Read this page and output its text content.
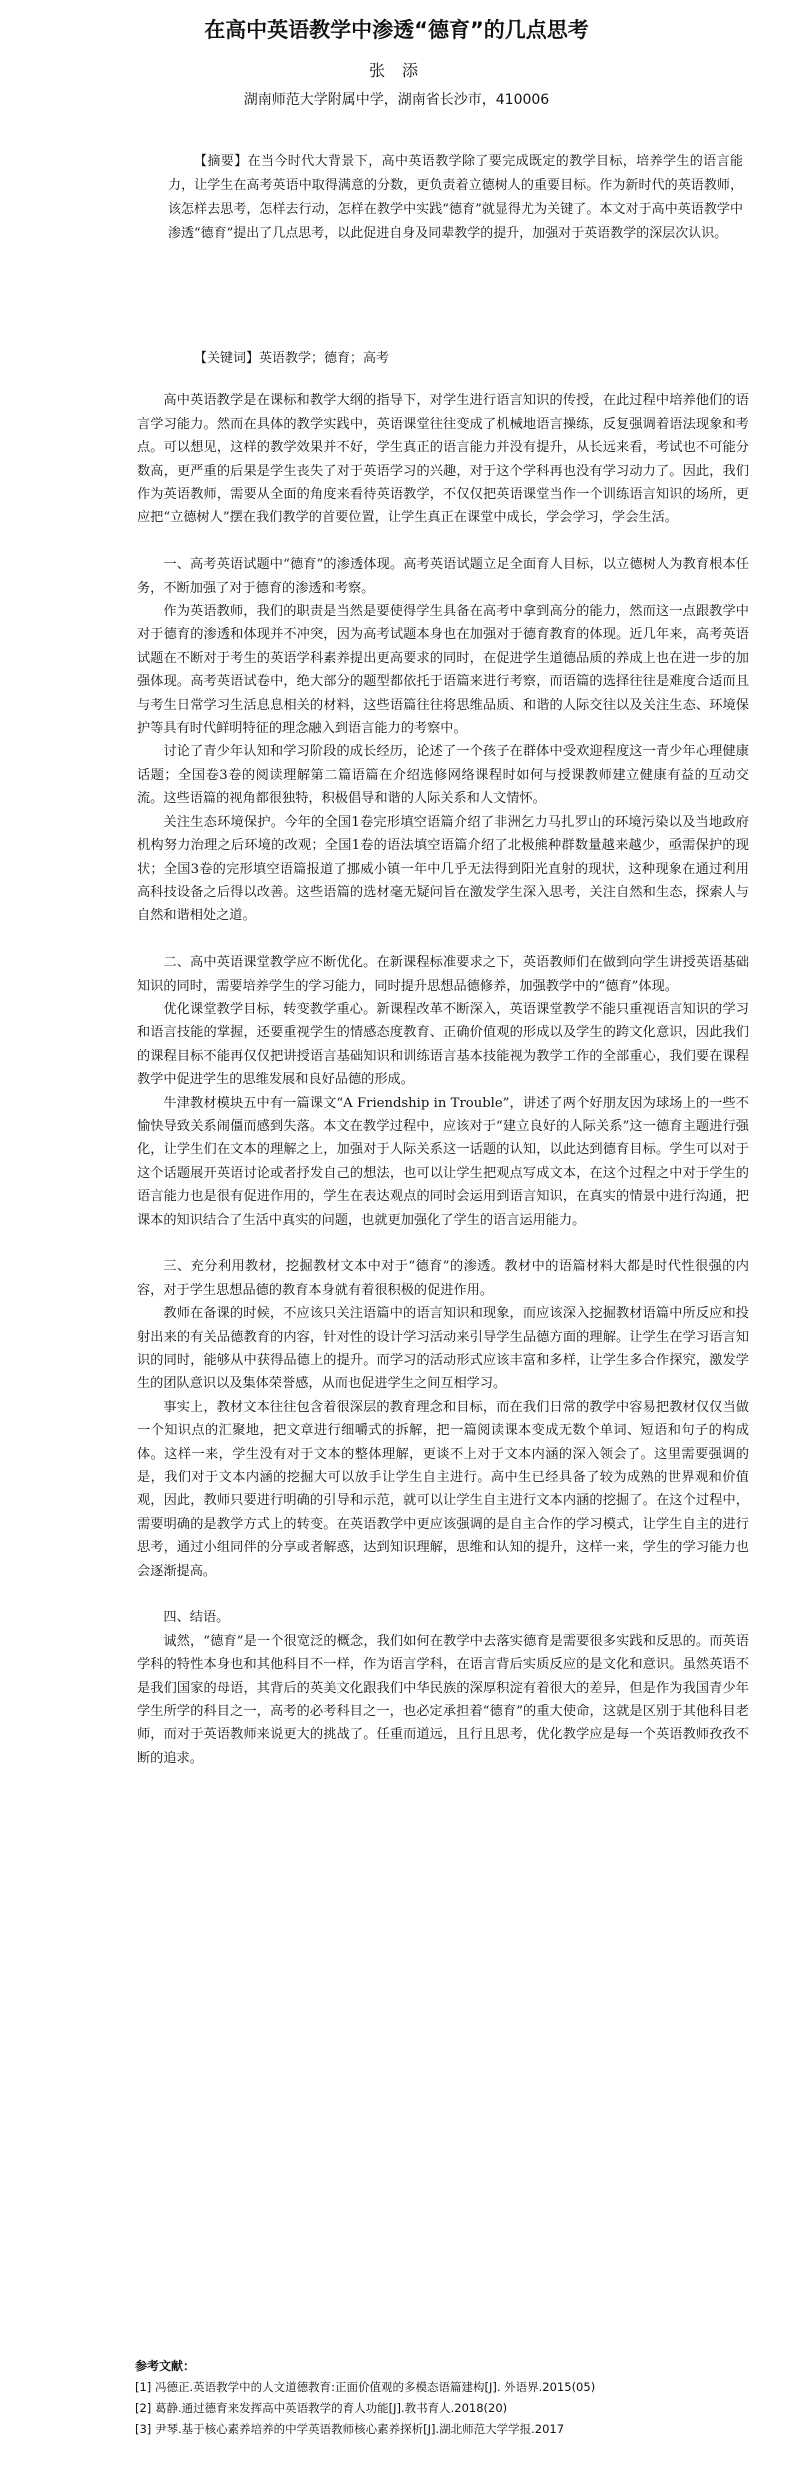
在高中英语教学中渗透“德育”的几点思考
张 添
湖南师范大学附属中学，湖南省长沙市，410006
【摘要】在当今时代大背景下，高中英语教学除了要完成既定的教学目标，培养学生的语言能力，让学生在高考英语中取得满意的分数，更负责着立德树人的重要目标。作为新时代的英语教师，该怎样去思考，怎样去行动，怎样在教学中实践“德育”就显得尤为关键了。本文对于高中英语教学中渗透“德育”提出了几点思考，以此促进自身及同辈教学的提升，加强对于英语教学的深层次认识。
【关键词】英语教学；德育；高考

高中英语教学是在课标和教学大纲的指导下，对学生进行语言知识的传授，在此过程中培养他们的语言学习能力。然而在具体的教学实践中，英语课堂往往变成了机械地语言操练，反复强调着语法现象和考点。可以想见，这样的教学效果并不好，学生真正的语言能力并没有提升，从长远来看，考试也不可能分数高，更严重的后果是学生丧失了对于英语学习的兴趣，对于这个学科再也没有学习动力了。因此，我们作为英语教师，需要从全面的角度来看待英语教学，不仅仅把英语课堂当作一个训练语言知识的场所，更应把“立德树人”摆在我们教学的首要位置，让学生真正在课堂中成长，学会学习，学会生活。

一、高考英语试题中“德育”的渗透体现。高考英语试题立足全面育人目标，以立德树人为教育根本任务，不断加强了对于德育的渗透和考察。

作为英语教师，我们的职责是当然是要使得学生具备在高考中拿到高分的能力，然而这一点跟教学中对于德育的渗透和体现并不冲突，因为高考试题本身也在加强对于德育教育的体现。近几年来，高考英语试题在不断对于考生的英语学科素养提出更高要求的同时，在促进学生道德品质的养成上也在进一步的加强体现。高考英语试卷中，绝大部分的题型都依托于语篇来进行考察，而语篇的选择往往是难度合适而且与考生日常学习生活息息相关的材料，这些语篇往往将思维品质、和谐的人际交往以及关注生态、环境保护等具有时代鲜明特征的理念融入到语言能力的考察中。

讨论了青少年认知和学习阶段的成长经历，论述了一个孩子在群体中受欢迎程度这一青少年心理健康话题；全国卷3卷的阅读理解第二篇语篇在介绍选修网络课程时如何与授课教师建立健康有益的互动交流。这些语篇的视角都很独特，积极倡导和谐的人际关系和人文情怀。

关注生态环境保护。今年的全国1卷完形填空语篇介绍了非洲乞力马扎罗山的环境污染以及当地政府机构努力治理之后环境的改观；全国1卷的语法填空语篇介绍了北极熊种群数量越来越少，亟需保护的现状；全国3卷的完形填空语篇报道了挪威小镇一年中几乎无法得到阳光直射的现状，这种现象在通过利用高科技设备之后得以改善。这些语篇的选材毫无疑问旨在激发学生深入思考，关注自然和生态，探索人与自然和谐相处之道。

二、高中英语课堂教学应不断优化。在新课程标准要求之下，英语教师们在做到向学生讲授英语基础知识的同时，需要培养学生的学习能力，同时提升思想品德修养，加强教学中的“德育”体现。

优化课堂教学目标，转变教学重心。新课程改革不断深入，英语课堂教学不能只重视语言知识的学习和语言技能的掌握，还要重视学生的情感态度教育、正确价值观的形成以及学生的跨文化意识，因此我们的课程目标不能再仅仅把讲授语言基础知识和训练语言基本技能视为教学工作的全部重心，我们要在课程教学中促进学生的思维发展和良好品德的形成。

牛津教材模块五中有一篇课文“A Friendship in Trouble”，讲述了两个好朋友因为球场上的一些不愉快导致关系闹僵而感到失落。本文在教学过程中，应该对于“建立良好的人际关系”这一德育主题进行强化，让学生们在文本的理解之上，加强对于人际关系这一话题的认知，以此达到德育目标。学生可以对于这个话题展开英语讨论或者抒发自己的想法，也可以让学生把观点写成文本，在这个过程之中对于学生的语言能力也是很有促进作用的，学生在表达观点的同时会运用到语言知识，在真实的情景中进行沟通，把课本的知识结合了生活中真实的问题，也就更加强化了学生的语言运用能力。

三、充分利用教材，挖掘教材文本中对于“德育”的渗透。教材中的语篇材料大都是时代性很强的内容，对于学生思想品德的教育本身就有着很积极的促进作用。

教师在备课的时候，不应该只关注语篇中的语言知识和现象，而应该深入挖掘教材语篇中所反应和投射出来的有关品德教育的内容，针对性的设计学习活动来引导学生品德方面的理解。让学生在学习语言知识的同时，能够从中获得品德上的提升。而学习的活动形式应该丰富和多样，让学生多合作探究，激发学生的团队意识以及集体荣誉感，从而也促进学生之间互相学习。

事实上，教材文本往往包含着很深层的教育理念和目标，而在我们日常的教学中容易把教材仅仅当做一个知识点的汇聚地，把文章进行细嚼式的拆解，把一篇阅读课本变成无数个单词、短语和句子的构成体。这样一来，学生没有对于文本的整体理解，更谈不上对于文本内涵的深入领会了。这里需要强调的是，我们对于文本内涵的挖掘大可以放手让学生自主进行。高中生已经具备了较为成熟的世界观和价值观，因此，教师只要进行明确的引导和示范，就可以让学生自主进行文本内涵的挖掘了。在这个过程中，需要明确的是教学方式上的转变。在英语教学中更应该强调的是自主合作的学习模式，让学生自主的进行思考，通过小组同伴的分享或者解惑，达到知识理解，思维和认知的提升，这样一来，学生的学习能力也会逐渐提高。

四、结语。

诚然，“德育”是一个很宽泛的概念，我们如何在教学中去落实德育是需要很多实践和反思的。而英语学科的特性本身也和其他科目不一样，作为语言学科，在语言背后实质反应的是文化和意识。虽然英语不是我们国家的母语，其背后的英美文化跟我们中华民族的深厚积淀有着很大的差异，但是作为我国青少年学生所学的科目之一，高考的必考科目之一，也必定承担着“德育”的重大使命，这就是区别于其他科目老师，而对于英语教师来说更大的挑战了。任重而道远，且行且思考，优化教学应是每一个英语教师孜孜不断的追求。

参考文献：

[1] 冯德正.英语教学中的人文道德教育:正面价值观的多模态语篇建构[J]. 外语界.2015(05)

[2] 葛静.通过德育来发挥高中英语教学的育人功能[J].教书育人.2018(20)

[3] 尹琴.基于核心素养培养的中学英语教师核心素养探析[J].湖北师范大学学报.2017
